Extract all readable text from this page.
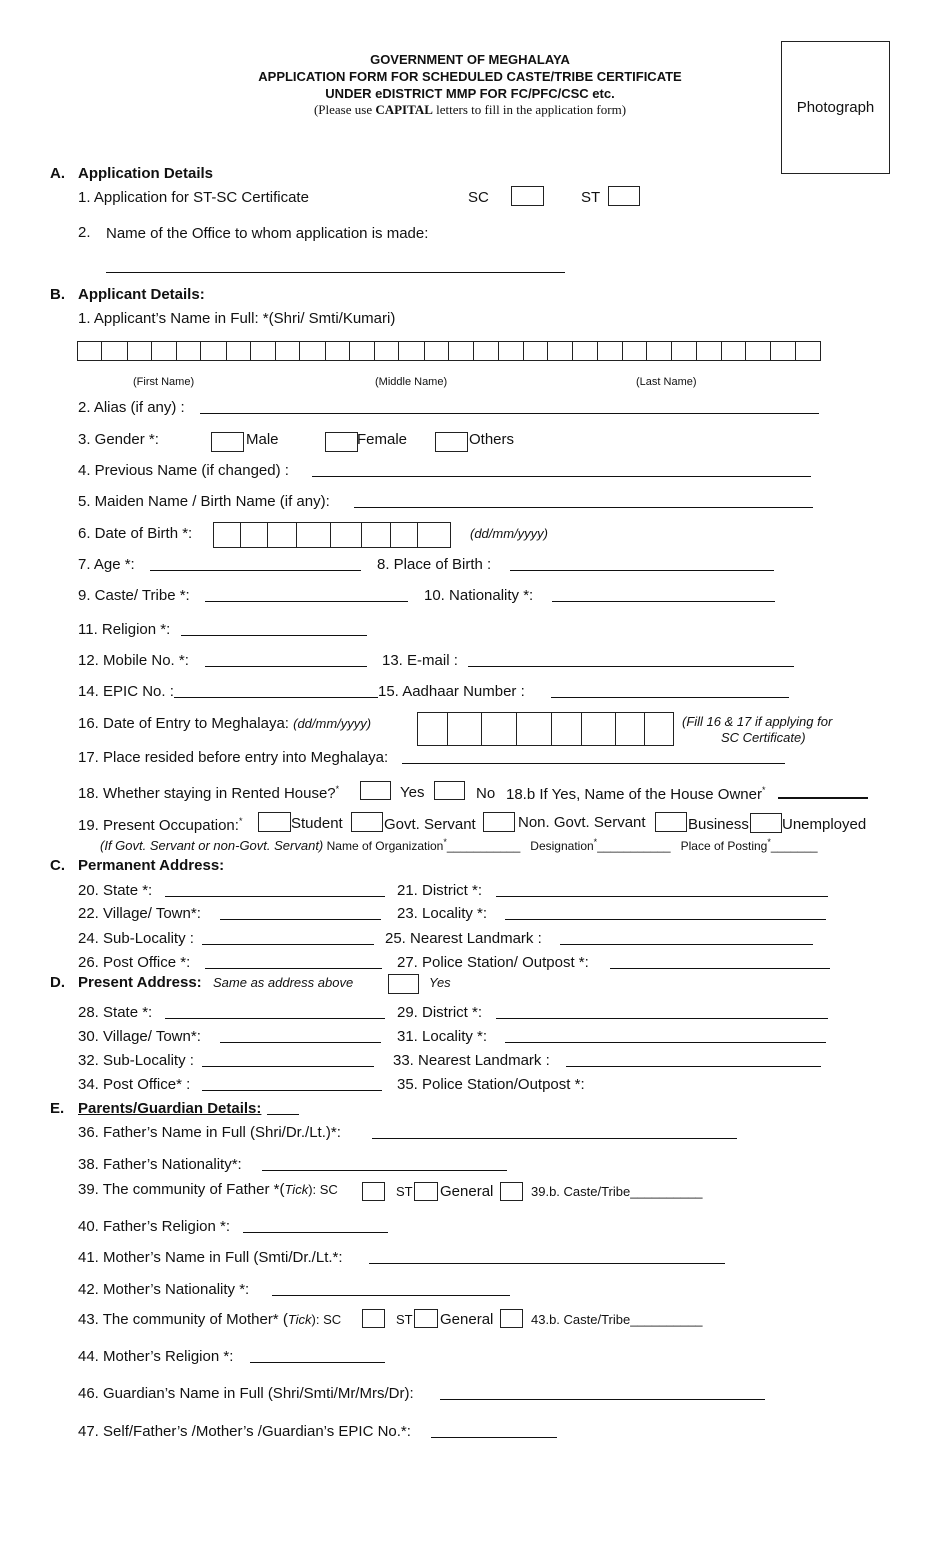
GOVERNMENT OF MEGHALAYA
APPLICATION FORM FOR SCHEDULED CASTE/TRIBE CERTIFICATE
UNDER eDISTRICT MMP FOR FC/PFC/CSC etc.
(Please use CAPITAL letters to fill in the application form)	Photograph
A. Application Details
1. Application for ST-SC Certificate	SC	ST
2. Name of the Office to whom application is made:
B. Applicant Details:
1. Applicant’s Name in Full: *(Shri/ Smti/Kumari)
(First Name)	(Middle Name)	(Last Name)
2. Alias (if any) :
3. Gender *:	Male	Female	Others
4. Previous Name (if changed) :
5. Maiden Name / Birth Name (if any):
6. Date of Birth *:	(dd/mm/yyyy)
7. Age *:	8. Place of Birth :
9. Caste/ Tribe *:	10. Nationality *:
11. Religion *:
12. Mobile No. *:	13. E-mail :
14. EPIC No. :	15. Aadhaar Number :
16. Date of Entry to Meghalaya: (dd/mm/yyyy)	(Fill 16 & 17 if applying for
SC Certificate)
17. Place resided before entry into Meghalaya:
18. Whether staying in Rented House?*	Yes	No 18.b If Yes, Name of the House Owner*
19. Present Occupation:*	Student	Govt. Servant	Non. Govt. Servant	Business Unemployed
(If Govt. Servant or non-Govt. Servant) Name of Organization*___________ Designation*___________ Place of Posting*_______
C. Permanent Address:
20. State *:	21. District *:
22. Village/ Town*:	23. Locality *:
24. Sub-Locality :	25. Nearest Landmark :
26. Post Office *:	27. Police Station/ Outpost *:
D. Present Address: Same as address above	Yes
28. State *:	29. District *:
30. Village/ Town*:	31. Locality *:
32. Sub-Locality :	33. Nearest Landmark :
34. Post Office* :	35. Police Station/Outpost *:
E. Parents/Guardian Details:
36. Father’s Name in Full (Shri/Dr./Lt.)*:
38. Father’s Nationality*:
39. The community of Father *(Tick): SC	ST General	39.b. Caste/Tribe__________
40. Father’s Religion *:
41. Mother’s Name in Full (Smti/Dr./Lt.*:
42. Mother’s Nationality *:
43. The community of Mother* (Tick): SC	ST General	43.b. Caste/Tribe__________
44. Mother’s Religion *:
46. Guardian’s Name in Full (Shri/Smti/Mr/Mrs/Dr):
47. Self/Father’s /Mother’s /Guardian’s EPIC No.*:
